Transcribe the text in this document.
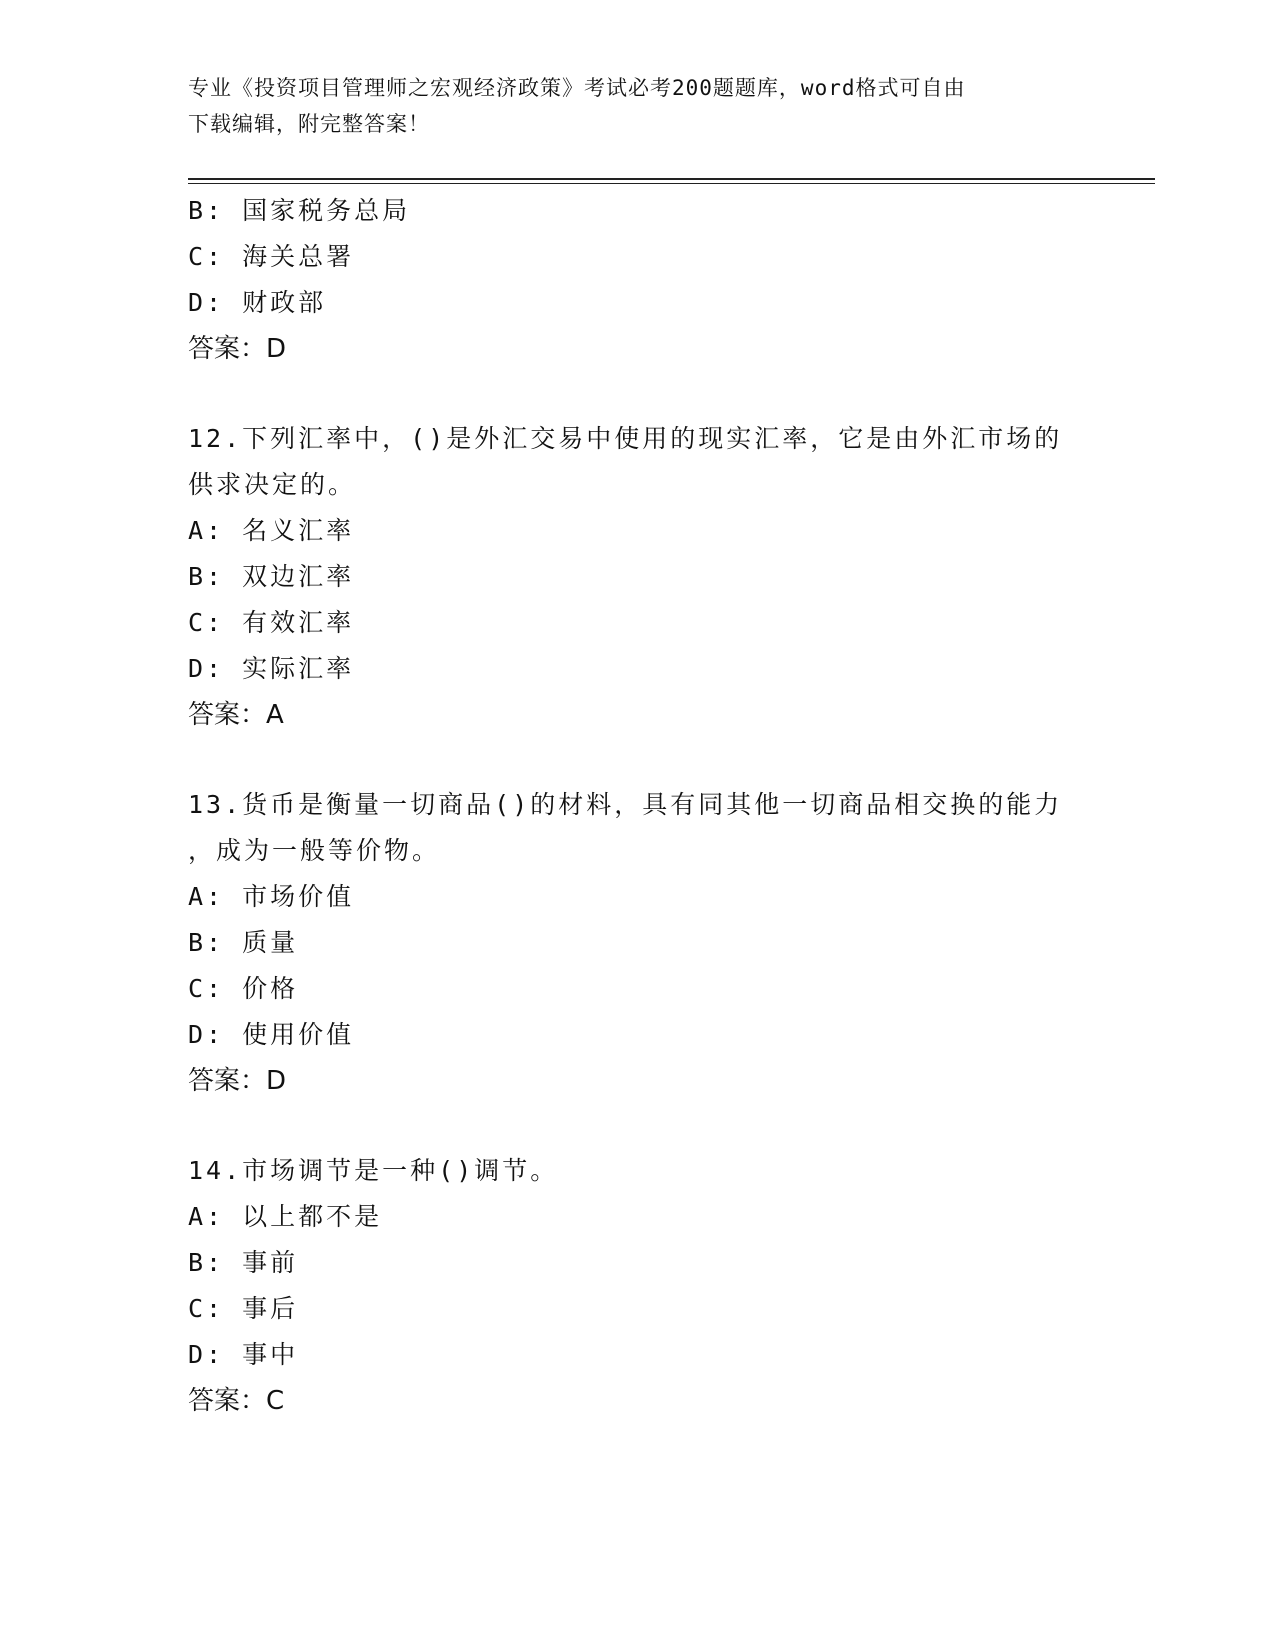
专业《投资项目管理师之宏观经济政策》考试必考200题题库，word格式可自由
下载编辑，附完整答案！
B: 国家税务总局
C: 海关总署
D: 财政部
答案：D
12.下列汇率中，()是外汇交易中使用的现实汇率，它是由外汇市场的
供求决定的。
A: 名义汇率
B: 双边汇率
C: 有效汇率
D: 实际汇率
答案：A
13.货币是衡量一切商品()的材料，具有同其他一切商品相交换的能力
，成为一般等价物。
A: 市场价值
B: 质量
C: 价格
D: 使用价值
答案：D
14.市场调节是一种()调节。
A: 以上都不是
B: 事前
C: 事后
D: 事中
答案：C
